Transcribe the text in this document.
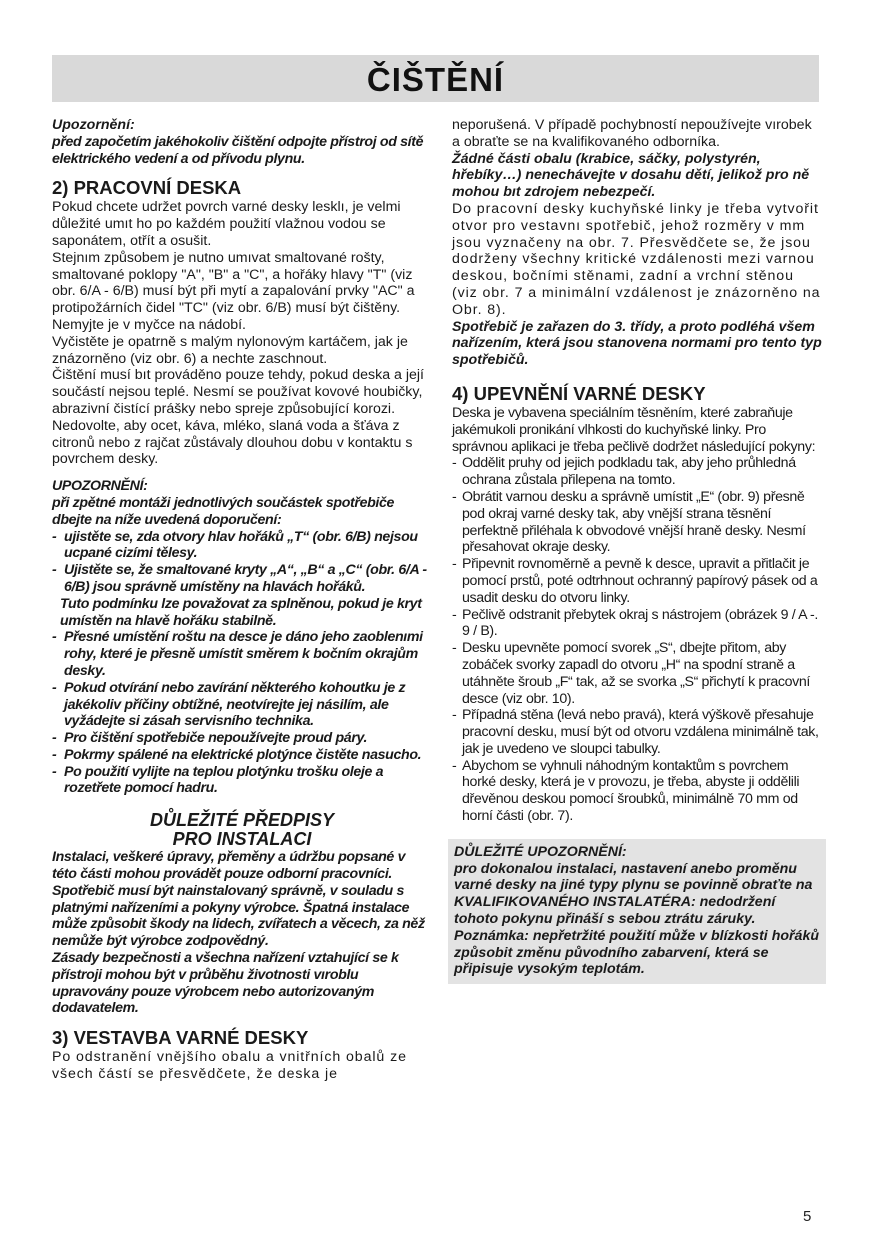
ČIŠTĚNÍ

Upozornění:

před započetím jakéhokoliv čištění odpojte přístroj od sítě elektrického vedení a od přívodu plynu.

2) PRACOVNÍ DESKA

Pokud chcete udržet povrch varné desky lesklı, je velmi důležité umıt ho po každém použití vlažnou vodou se saponátem, otřít a osušit.

Stejnım způsobem je nutno umıvat smaltované rošty, smaltované poklopy "A", "B" a "C", a hořáky hlavy "T" (viz obr. 6/A - 6/B) musí být při mytí a zapalování prvky "AC" a protipožárních čidel "TC" (viz obr. 6/B) musí být čištěny. Nemyjte je v myčce na nádobí.

Vyčistěte je opatrně s malým nylonovým kartáčem, jak je znázorněno (viz obr. 6) a nechte zaschnout.

Čištění musí bıt prováděno pouze tehdy, pokud deska a její součástí nejsou teplé. Nesmí se používat kovové houbičky, abrazivní čistící prášky nebo spreje způsobující korozi.

Nedovolte, aby ocet, káva, mléko, slaná voda a šťáva z citronů nebo z rajčat zůstávaly dlouhou dobu v kontaktu s povrchem desky.

UPOZORNĚNÍ:

při zpětné montáži jednotlivých součástek spotřebiče dbejte na níže uvedená doporučení:

- ujistěte se, zda otvory hlav hořáků „T“ (obr. 6/B) nejsou ucpané cizími tělesy.
- Ujistěte se, že smaltované kryty „A“, „B“ a „C“ (obr. 6/A - 6/B) jsou správně umístěny na hlavách hořáků.
Tuto podmínku lze považovat za splněnou, pokud je kryt umístěn na hlavě hořáku stabilně.
- Přesné umístění roštu na desce je dáno jeho zaoblenımi rohy, které je přesně umístit směrem k bočním okrajům desky.
- Pokud otvírání nebo zavírání některého kohoutku je z jakékoliv příčiny obtížné, neotvírejte jej násilím, ale vyžádejte si zásah servisního technika.
- Pro čištění spotřebiče nepoužívejte proud páry.
- Pokrmy spálené na elektrické plotýnce čistěte nasucho.
- Po použití vylijte na teplou plotýnku trošku oleje a rozetřete pomocí hadru.
DŮLEŽITÉ PŘEDPISY
PRO INSTALACI

Instalaci, veškeré úpravy, přeměny a údržbu popsané v této části mohou provádět pouze odborní pracovníci. Spotřebič musí být nainstalovaný správně, v souladu s platnými nařízeními a pokyny výrobce. Špatná instalace může způsobit škody na lidech, zvířatech a věcech, za něž nemůže být výrobce zodpovědný.

Zásady bezpečnosti a všechna nařízení vztahující se k přístroji mohou být v průběhu životnosti vıroblu upravovány pouze výrobcem nebo autorizovaným dodavatelem.

3) VESTAVBA VARNÉ DESKY

Po odstranění vnějšího obalu a vnitřních obalů ze všech částí se přesvědčete, že deska je

neporušená. V případě pochybností nepoužívejte vırobek a obraťte se na kvalifikovaného odborníka.

Žádné části obalu (krabice, sáčky, polystyrén, hřebíky…) nenechávejte v dosahu dětí, jelikož pro ně mohou bıt zdrojem nebezpečí.

Do pracovní desky kuchyňské linky je třeba vytvořit otvor pro vestavnı spotřebič, jehož rozměry v mm jsou vyznačeny na obr. 7. Přesvědčete se, že jsou dodrženy všechny kritické vzdálenosti mezi varnou deskou, bočními stěnami, zadní a vrchní stěnou (viz obr. 7 a minimální vzdálenost je znázorněno na Obr. 8).

Spotřebič je zařazen do 3. třídy, a proto podléhá všem nařízením, která jsou stanovena normami pro tento typ spotřebičů.

4) UPEVNĚNÍ VARNÉ DESKY

Deska je vybavena speciálním těsněním, které zabraňuje jakémukoli pronikání vlhkosti do kuchyňské linky. Pro správnou aplikaci je třeba pečlivě dodržet následující pokyny:

- Oddělit pruhy od jejich podkladu tak, aby jeho průhledná ochrana zůstala přilepena na tomto.
- Obrátit varnou desku a správně umístit „E“ (obr. 9) přesně pod okraj varné desky tak, aby vnější strana těsnění perfektně přiléhala k obvodové vnější hraně desky. Nesmí přesahovat okraje desky.
- Připevnit rovnoměrně a pevně k desce, upravit a přitlačit je pomocí prstů, poté odtrhnout ochranný papírový pásek od a usadit desku do otvoru linky.
- Pečlivě odstranit přebytek okraj s nástrojem (obrázek 9 / A -. 9 / B).
- Desku upevněte pomocí svorek „S“, dbejte přitom, aby zobáček svorky zapadl do otvoru „H“ na spodní straně a utáhněte šroub „F“ tak, až se svorka „S“ přichytí k pracovní desce (viz obr. 10).
- Případná stěna (levá nebo pravá), která výškově přesahuje pracovní desku, musí být od otvoru vzdálena minimálně tak, jak je uvedeno ve sloupci tabulky.
- Abychom se vyhnuli náhodným kontaktům s povrchem horké desky, která je v provozu, je třeba, abyste ji oddělili dřevěnou deskou pomocí šroubků, minimálně 70 mm od horní části (obr. 7).

DŮLEŽITÉ UPOZORNĚNÍ:

pro dokonalou instalaci, nastavení anebo proměnu varné desky na jiné typy plynu se povinně obraťte na KVALIFIKOVANÉHO INSTALATÉRA: nedodržení tohoto pokynu přináší s sebou ztrátu záruky.

Poznámka: nepřetržité použití může v blízkosti hořáků způsobit změnu původního zabarvení, která se připisuje vysokým teplotám.

5
